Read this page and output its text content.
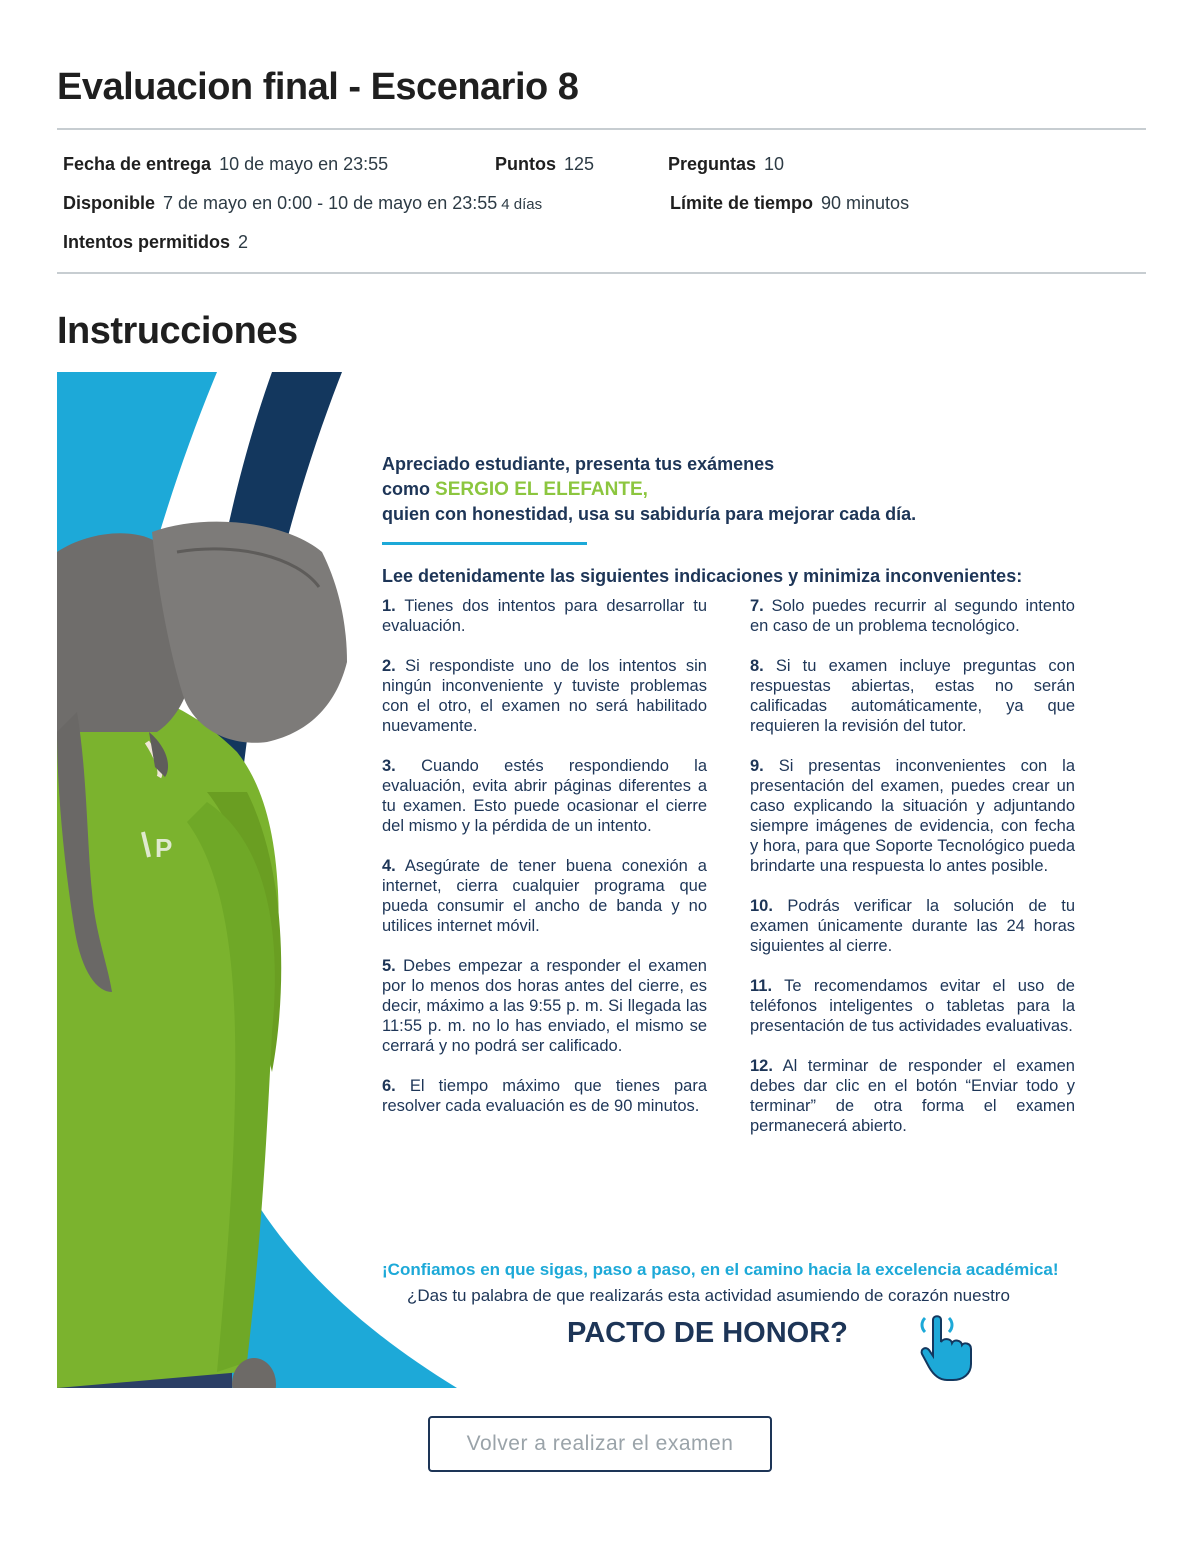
Evaluacion final - Escenario 8
Fecha de entrega 10 de mayo en 23:55	Puntos 125	Preguntas 10
Disponible 7 de mayo en 0:00 - 10 de mayo en 23:55 4 días	Límite de tiempo 90 minutos
Intentos permitidos 2
Instrucciones
P
Apreciado estudiante, presenta tus exámenes
como SERGIO EL ELEFANTE,
quien con honestidad, usa su sabiduría para mejorar cada día.
Lee detenidamente las siguientes indicaciones y minimiza inconvenientes:

1. Tienes dos intentos para desarrollar tu evaluación.

2. Si respondiste uno de los intentos sin ningún inconveniente y tuviste problemas con el otro, el examen no será habilitado nuevamente.

3. Cuando estés respondiendo la evaluación, evita abrir páginas diferentes a tu examen. Esto puede ocasionar el cierre del mismo y la pérdida de un intento.

4. Asegúrate de tener buena conexión a internet, cierra cualquier programa que pueda consumir el ancho de banda y no utilices internet móvil.

5. Debes empezar a responder el examen por lo menos dos horas antes del cierre, es decir, máximo a las 9:55 p. m. Si llegada las 11:55 p. m. no lo has enviado, el mismo se cerrará y no podrá ser calificado.

6. El tiempo máximo que tienes para resolver cada evaluación es de 90 minutos.

7. Solo puedes recurrir al segundo intento en caso de un problema tecnológico.

8. Si tu examen incluye preguntas con respuestas abiertas, estas no serán calificadas automáticamente, ya que requieren la revisión del tutor.

9. Si presentas inconvenientes con la presentación del examen, puedes crear un caso explicando la situación y adjuntando siempre imágenes de evidencia, con fecha y hora, para que Soporte Tecnológico pueda brindarte una respuesta lo antes posible.

10. Podrás verificar la solución de tu examen únicamente durante las 24 horas siguientes al cierre.

11. Te recomendamos evitar el uso de teléfonos inteligentes o tabletas para la presentación de tus actividades evaluativas.

12. Al terminar de responder el examen debes dar clic en el botón “Enviar todo y terminar” de otra forma el examen permanecerá abierto.

¡Confiamos en que sigas, paso a paso, en el camino hacia la excelencia académica!
¿Das tu palabra de que realizarás esta actividad asumiendo de corazón nuestro
PACTO DE HONOR?
Volver a realizar el examen
